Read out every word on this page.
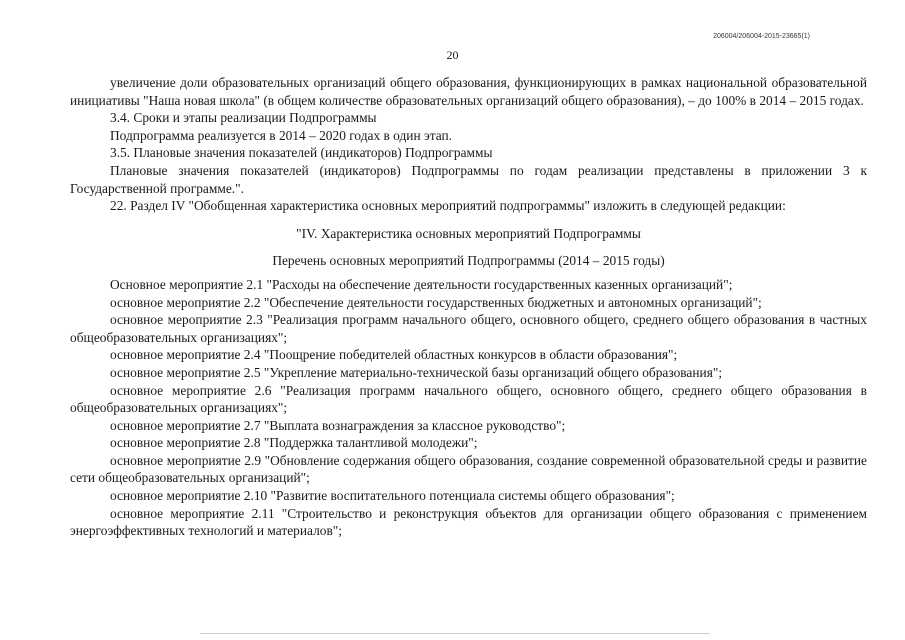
206004/206004-2015-23665(1)
20

увеличение доли образовательных организаций общего образования, функционирующих в рамках национальной образовательной инициативы "Наша новая школа" (в общем количестве образовательных организаций общего образования), – до 100% в 2014 – 2015 годах.

3.4. Сроки и этапы реализации Подпрограммы

Подпрограмма реализуется в 2014 – 2020 годах в один этап.

3.5. Плановые значения показателей (индикаторов) Подпрограммы

Плановые значения показателей (индикаторов) Подпрограммы по годам реализации представлены в приложении 3 к Государственной программе.".

22. Раздел IV "Обобщенная характеристика основных мероприятий подпрограммы" изложить в следующей редакции:

"IV. Характеристика основных мероприятий Подпрограммы

Перечень основных мероприятий Подпрограммы (2014 – 2015 годы)

Основное мероприятие 2.1 "Расходы на обеспечение деятельности государственных казенных организаций";

основное мероприятие 2.2 "Обеспечение деятельности государственных бюджетных и автономных организаций";

основное мероприятие 2.3 "Реализация программ начального общего, основного общего, среднего общего образования в частных общеобразовательных организациях";

основное мероприятие 2.4 "Поощрение победителей областных конкурсов в области образования";

основное мероприятие 2.5 "Укрепление материально-технической базы организаций общего образования";

основное мероприятие 2.6 "Реализация программ начального общего, основного общего, среднего общего образования в общеобразовательных организациях";

основное мероприятие 2.7 "Выплата вознаграждения за классное руководство";

основное мероприятие 2.8 "Поддержка талантливой молодежи";

основное мероприятие 2.9 "Обновление содержания общего образования, создание современной образовательной среды и развитие сети общеобразовательных организаций";

основное мероприятие 2.10 "Развитие воспитательного потенциала системы общего образования";

основное мероприятие 2.11 "Строительство и реконструкция объектов для организации общего образования с применением энергоэффективных технологий и материалов";
